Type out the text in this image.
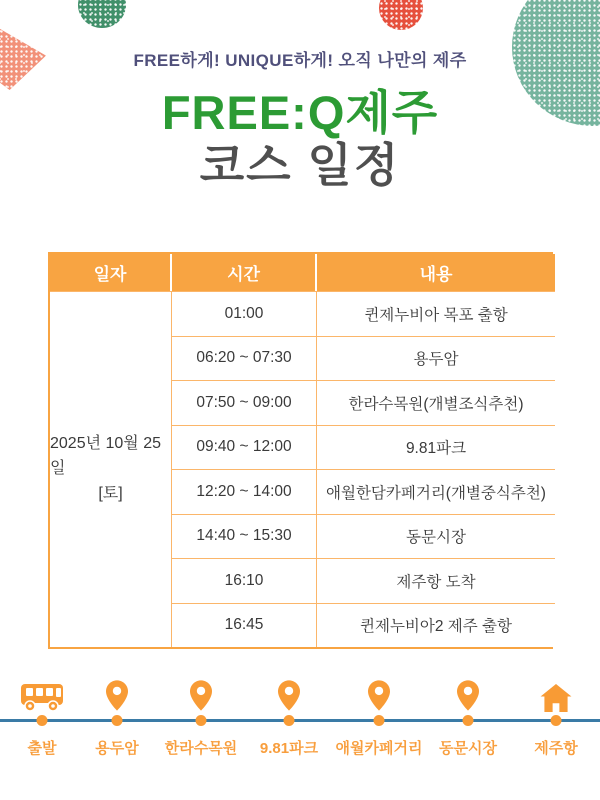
FREE하게! UNIQUE하게! 오직 나만의 제주
FREE:Q제주
코스 일정
일자	시간	내용
2025년 10월 25일
[토]
01:00	퀸제누비아 목포 출항
06:20 ~ 07:30	용두암
07:50 ~ 09:00	한라수목원(개별조식추천)
09:40 ~ 12:00	9.81파크
12:20 ~ 14:00	애월한담카페거리(개별중식추천)
14:40 ~ 15:30	동문시장
16:10	제주항 도착
16:45	퀸제누비아2 제주 출항
출발	용두암 한라수목원 9.81파크 애월카페거리 동문시장 제주항
